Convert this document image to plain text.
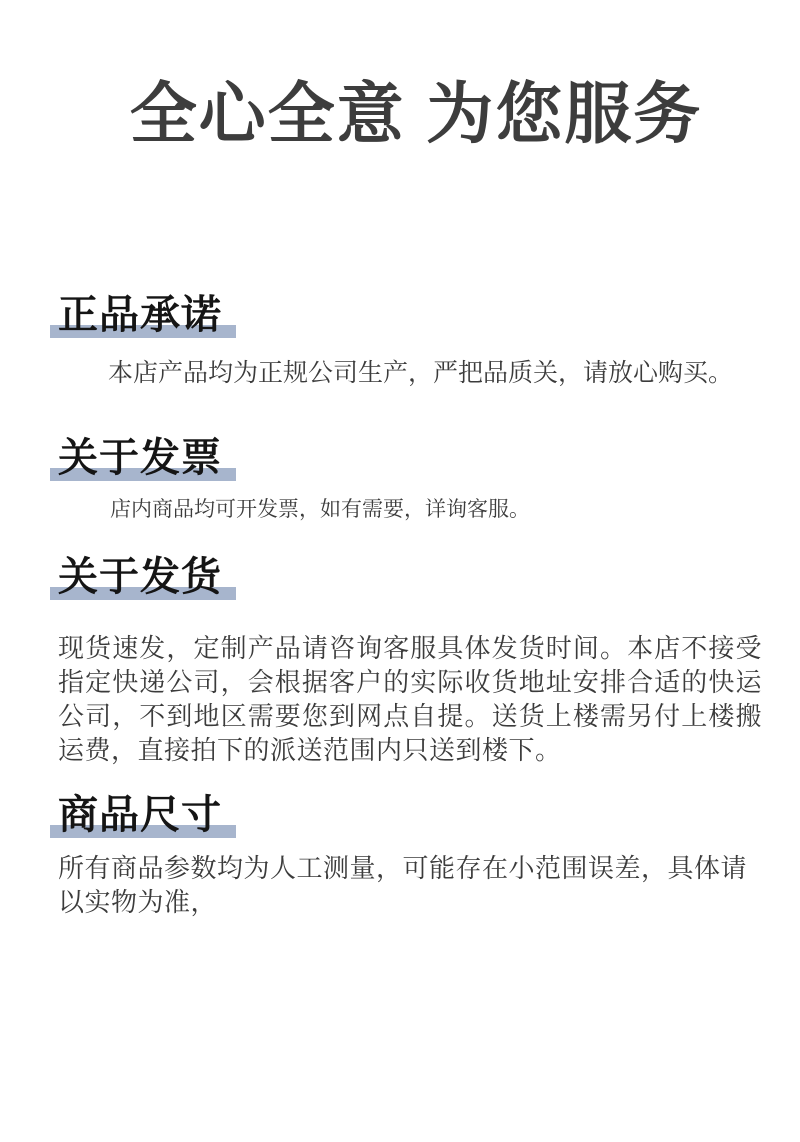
全心全意 为您服务
正品承诺

本店产品均为正规公司生产，严把品质关，请放心购买。

关于发票

店内商品均可开发票，如有需要，详询客服。

关于发货

现货速发，定制产品请咨询客服具体发货时间。本店不接受指定快递公司，会根据客户的实际收货地址安排合适的快运公司，不到地区需要您到网点自提。送货上楼需另付上楼搬运费，直接拍下的派送范围内只送到楼下。

商品尺寸

所有商品参数均为人工测量，可能存在小范围误差，具体请以实物为准，
